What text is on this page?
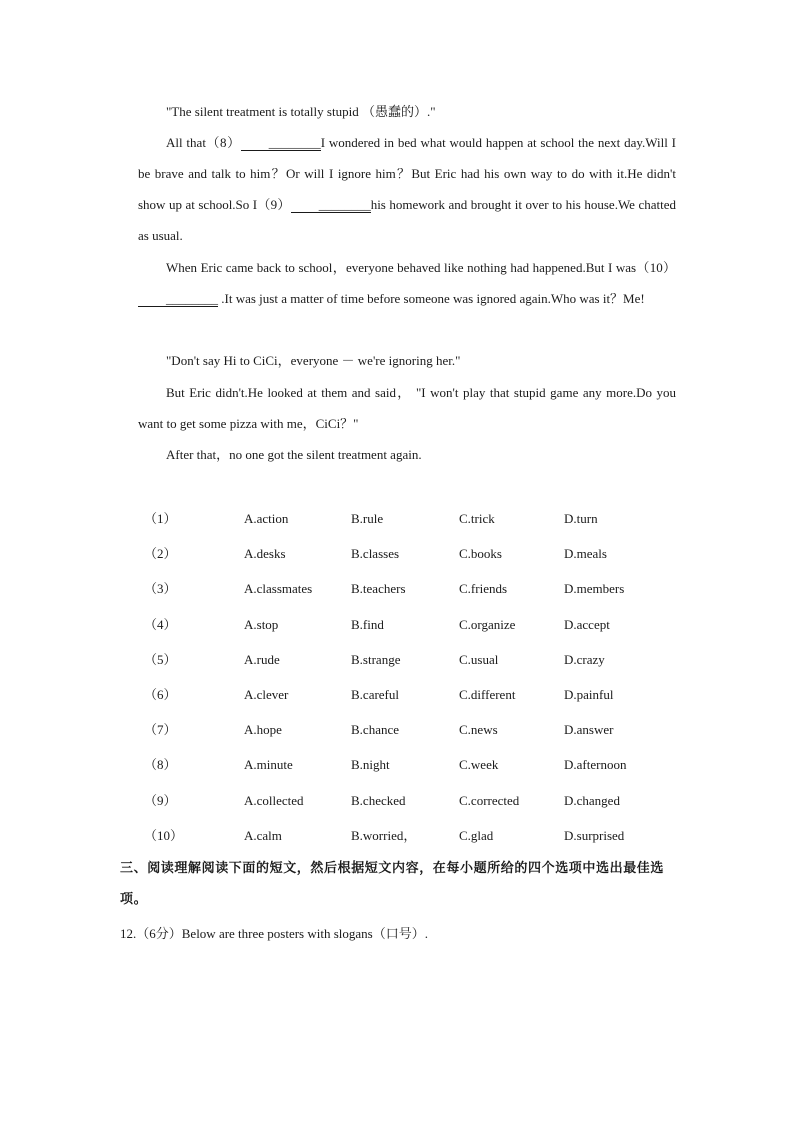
"The silent treatment is totally stupid （愚蠢的）."
All that（8） ________I wondered in bed what would happen at school the next day.Will I be brave and talk to him？Or will I ignore him？But Eric had his own way to do with it.He didn't show up at school.So I（9） ________his homework and brought it over to his house.We chatted as usual.
When Eric came back to school，everyone behaved like nothing had happened.But I was（10）________ .It was just a matter of time before someone was ignored again.Who was it？Me!
"Don't say Hi to CiCi，everyone － we're ignoring her."
But Eric didn't.He looked at them and said， "I won't play that stupid game any more.Do you want to get some pizza with me，CiCi？"
After that，no one got the silent treatment again.
（1）	A.action	B.rule	C.trick	D.turn
（2）	A.desks	B.classes	C.books	D.meals
（3）	A.classmates	B.teachers	C.friends	D.members
（4）	A.stop	B.find	C.organize	D.accept
（5）	A.rude	B.strange	C.usual	D.crazy
（6）	A.clever	B.careful	C.different	D.painful
（7）	A.hope	B.chance	C.news	D.answer
（8）	A.minute	B.night	C.week	D.afternoon
（9）	A.collected	B.checked	C.corrected	D.changed
（10）	A.calm	B.worried，	C.glad	D.surprised
三、阅读理解阅读下面的短文，然后根据短文内容，在每小题所给的四个选项中选出最佳选项。
12.（6分）Below are three posters with slogans（口号）.
